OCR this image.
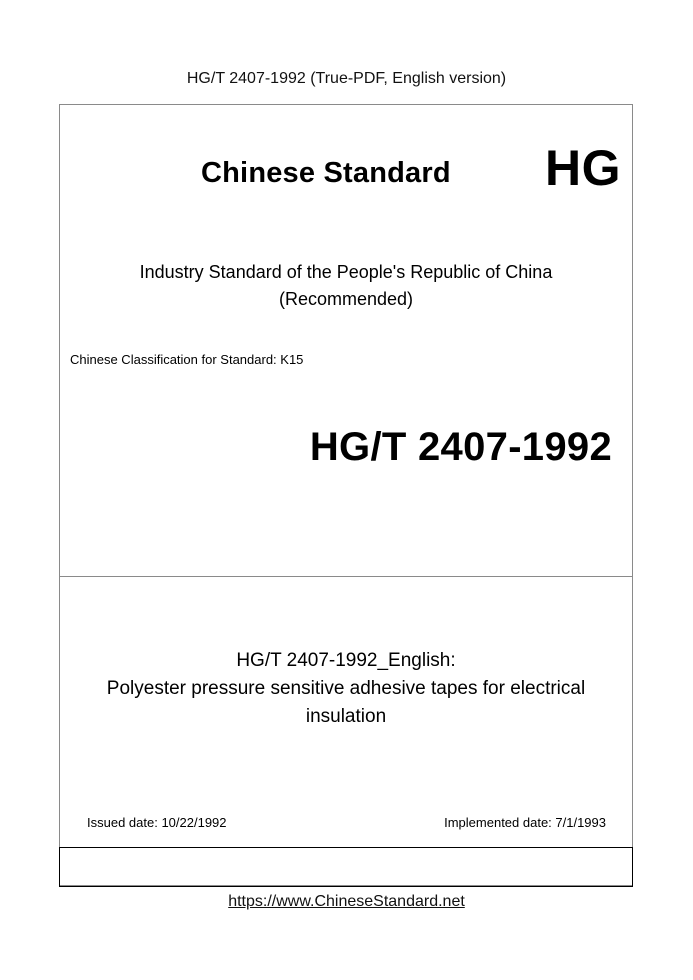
HG/T 2407-1992 (True-PDF, English version)
Chinese Standard HG
Industry Standard of the People's Republic of China
(Recommended)
Chinese Classification for Standard: K15
HG/T 2407-1992
HG/T 2407-1992_English:
Polyester pressure sensitive adhesive tapes for electrical
insulation
Issued date: 10/22/1992	Implemented date: 7/1/1993
https://www.ChineseStandard.net
